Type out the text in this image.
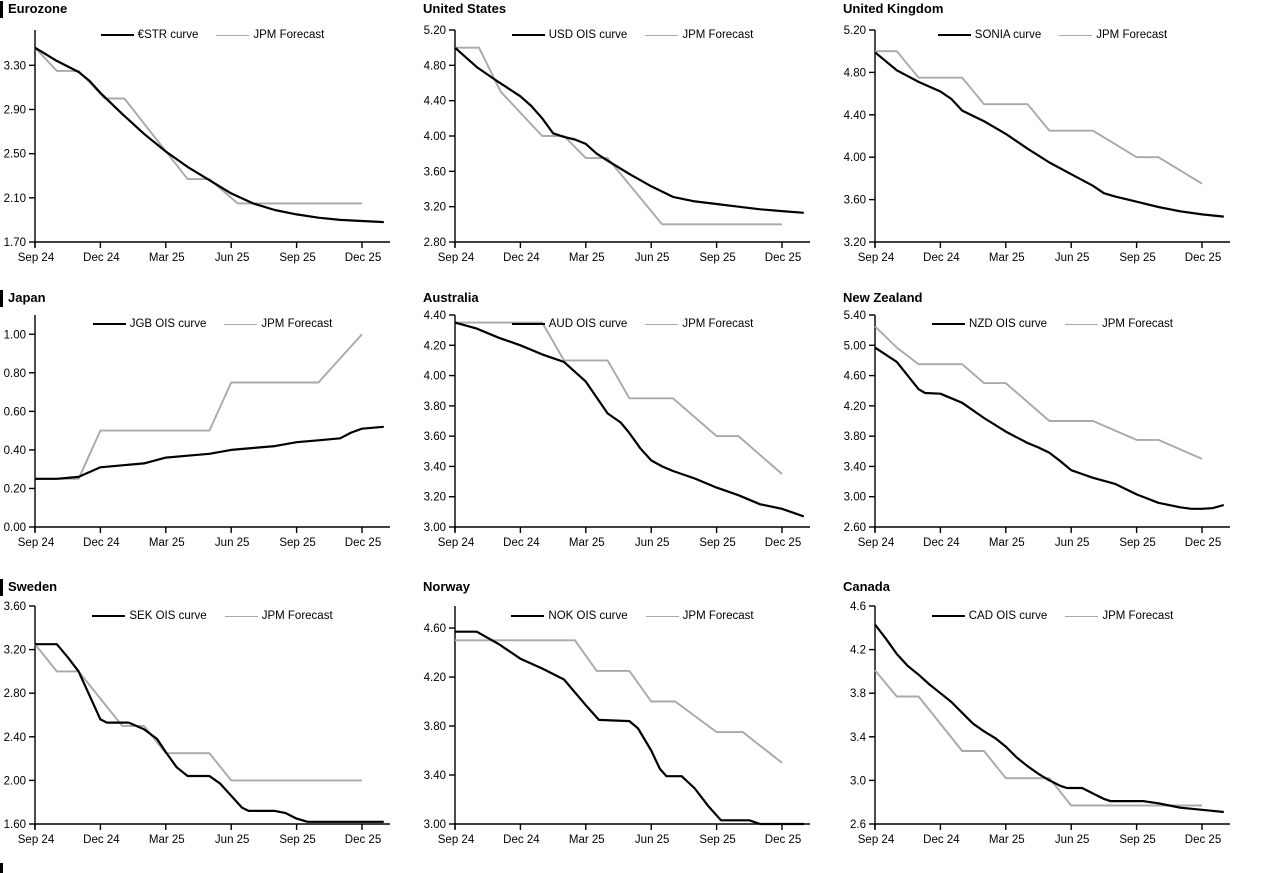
Eurozone
3.30
2.90
2.50
2.10
1.70
Sep 24	Dec 24	Mar 25	Jun 25	Sep 25	Dec 25
€STR curve	JPM Forecast
United States
5.20
4.80
4.40
4.00
3.60
3.20
2.80
Sep 24	Dec 24	Mar 25	Jun 25	Sep 25	Dec 25
USD OIS curve	JPM Forecast
United Kingdom
5.20
4.80
4.40
4.00
3.60
3.20
Sep 24	Dec 24	Mar 25	Jun 25	Sep 25	Dec 25
SONIA curve	JPM Forecast
Japan
1.00
0.80
0.60
0.40
0.20
0.00
Sep 24	Dec 24	Mar 25	Jun 25	Sep 25	Dec 25
JGB OIS curve	JPM Forecast
Australia
4.40
4.20
4.00
3.80
3.60
3.40
3.20
3.00
Sep 24	Dec 24	Mar 25	Jun 25	Sep 25	Dec 25
AUD OIS curve	JPM Forecast
New Zealand
5.40
5.00
4.60
4.20
3.80
3.40
3.00
2.60
Sep 24	Dec 24	Mar 25	Jun 25	Sep 25	Dec 25
NZD OIS curve	JPM Forecast
Sweden
3.60
3.20
2.80
2.40
2.00
1.60
Sep 24	Dec 24	Mar 25	Jun 25	Sep 25	Dec 25
SEK OIS curve	JPM Forecast
Norway
4.60
4.20
3.80
3.40
3.00
Sep 24	Dec 24	Mar 25	Jun 25	Sep 25	Dec 25
NOK OIS curve	JPM Forecast
Canada
4.6
4.2
3.8
3.4
3.0
2.6
Sep 24	Dec 24	Mar 25	Jun 25	Sep 25	Dec 25
CAD OIS curve	JPM Forecast
